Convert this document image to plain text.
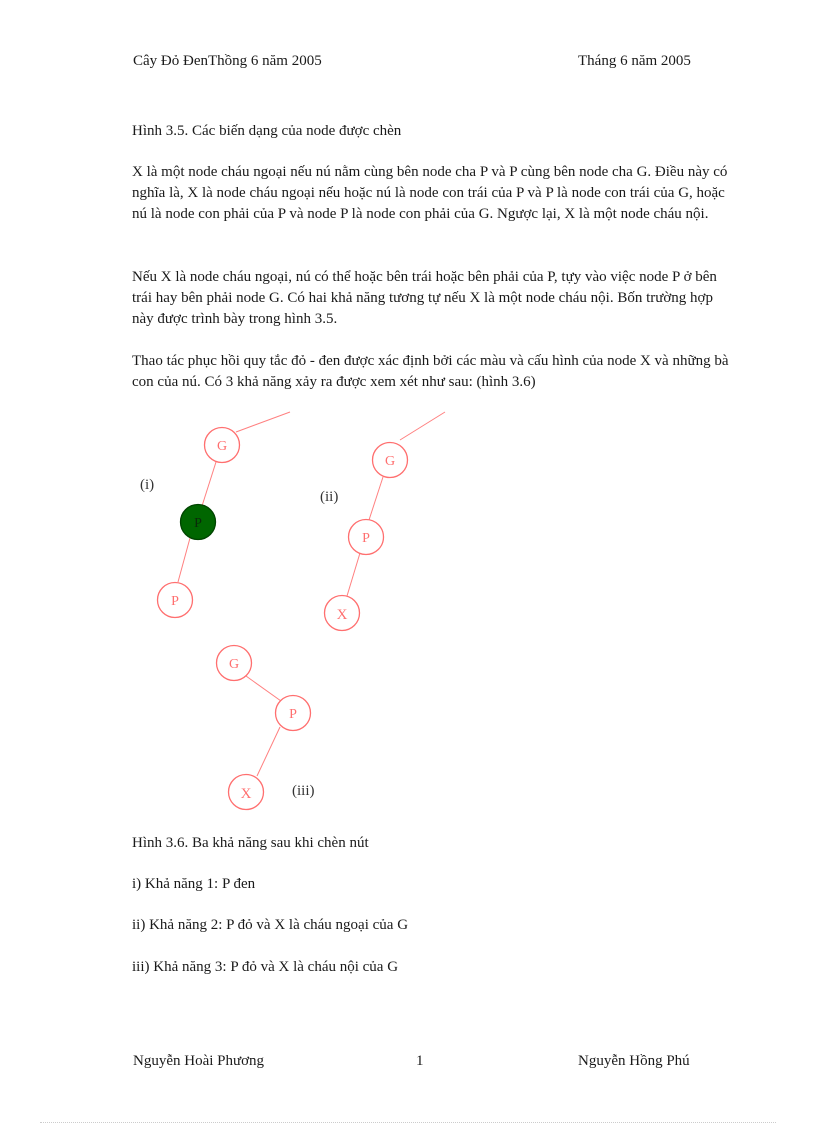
Cây Đỏ ĐenThồng 6 năm 2005	Tháng 6 năm 2005

Hình 3.5. Các biến dạng của node được chèn

X là một node cháu ngoại nếu nú nằm cùng bên node cha P và P cùng bên node cha G. Điều này có nghĩa là, X là node cháu ngoại nếu hoặc nú là node con trái của P và P là node con trái của G, hoặc nú là node con phải của P và node P là node con phải của G. Ngược lại, X là một node cháu nội.

Nếu X là node cháu ngoại, nú có thể hoặc bên trái hoặc bên phải của P, tựy vào việc node P ở bên trái hay bên phải node G. Có hai khả năng tương tự nếu X là một node cháu nội. Bốn trường hợp này được trình bày trong hình 3.5.

Thao tác phục hồi quy tắc đỏ - đen được xác định bởi các màu và cấu hình của node X và những bà con của nú. Có 3 khả năng xảy ra được xem xét như sau: (hình 3.6)

G
P
P
(i)
G
P
X
(ii)
G
P
X	(iii)

Hình 3.6. Ba khả năng sau khi chèn nút

i) Khả năng 1: P đen

ii) Khả năng 2: P đỏ và X là cháu ngoại của G

iii) Khả năng 3: P đỏ và X là cháu nội của G

Nguyễn Hoài Phương	1	Nguyễn Hồng Phú
